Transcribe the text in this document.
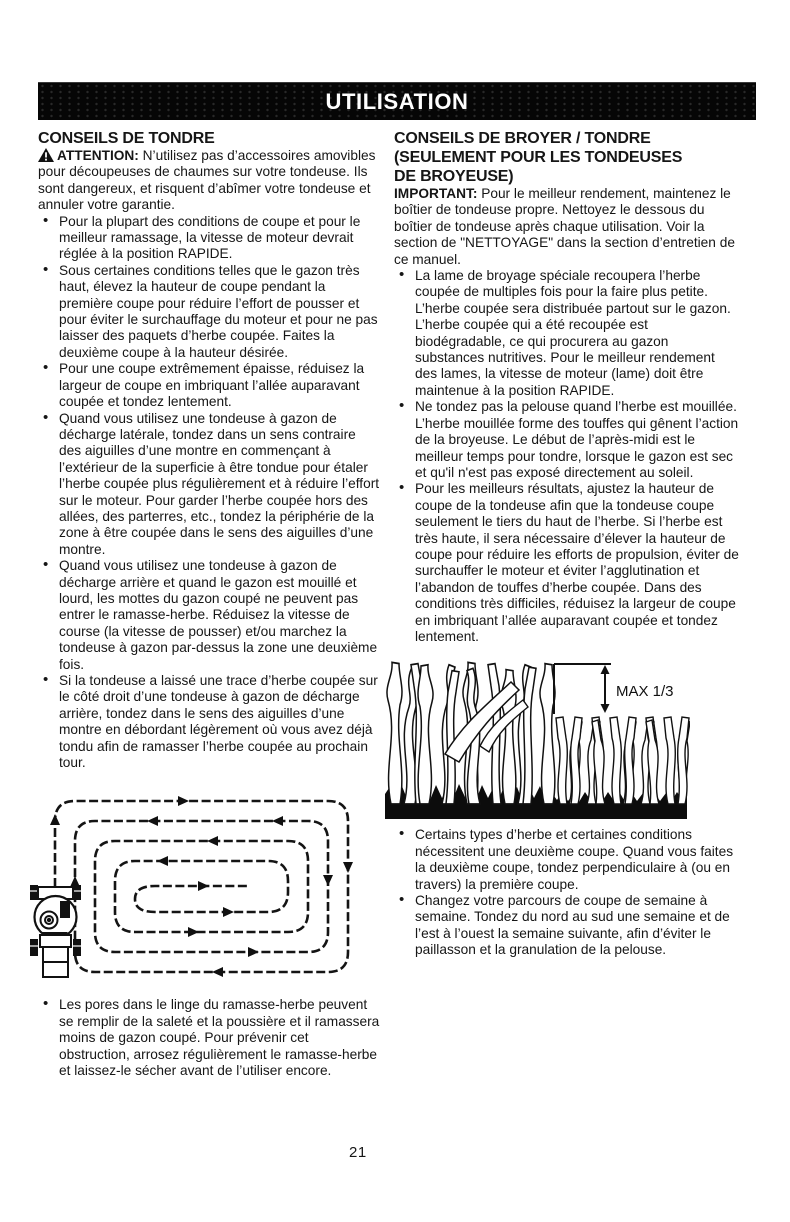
UTILISATION
CONSEILS DE TONDRE

ATTENTION: N’utilisez pas d’accessoires amovibles pour découpeuses de chaumes sur votre tondeuse. Ils sont dangereux, et risquent d’abîmer votre tondeuse et annuler votre garantie.

• Pour la plupart des conditions de coupe et pour le meilleur ramassage, la vitesse de moteur devrait réglée à la position RAPIDE.
• Sous certaines conditions telles que le gazon très haut, élevez la hauteur de coupe pendant la première coupe pour réduire l’effort de pousser et pour éviter le surchauffage du moteur et pour ne pas laisser des paquets d’herbe coupée. Faites la deuxième coupe à la hauteur désirée.
• Pour une coupe extrêmement épaisse, réduisez la largeur de coupe en imbriquant l’allée auparavant coupée et tondez lentement.
• Quand vous utilisez une tondeuse à gazon de décharge latérale, tondez dans un sens contraire des aiguilles d’une montre en commençant à l’extérieur de la superficie à être tondue pour étaler l’herbe coupée plus régulièrement et à réduire l’effort sur le moteur. Pour garder l’herbe coupée hors des allées, des parterres, etc., tondez la périphérie de la zone à être coupée dans le sens des aiguilles d’une montre.
• Quand vous utilisez une tondeuse à gazon de décharge arrière et quand le gazon est mouillé et lourd, les mottes du gazon coupé ne peuvent pas entrer le ramasse-herbe. Réduisez la vitesse de course (la vitesse de pousser) et/ou marchez la tondeuse à gazon par-dessus la zone une deuxième fois.
• Si la tondeuse a laissé une trace d’herbe coupée sur le côté droit d’une tondeuse à gazon de décharge arrière, tondez dans le sens des aiguilles d’une montre en débordant légèrement où vous avez déjà tondu afin de ramasser l’herbe coupée au prochain tour.
• Les pores dans le linge du ramasse-herbe peuvent se remplir de la saleté et la poussière et il ramassera moins de gazon coupé. Pour prévenir cet obstruction, arrosez régulièrement le ramasse-herbe et laissez-le sécher avant de l’utiliser encore.
CONSEILS DE BROYER / TONDRE
(SEULEMENT POUR LES TONDEUSES
DE BROYEUSE)

IMPORTANT: Pour le meilleur rendement, maintenez le boîtier de tondeuse propre. Nettoyez le dessous du boîtier de tondeuse après chaque utilisation. Voir la section de "NETTOYAGE" dans la section d’entretien de ce manuel.

• La lame de broyage spéciale recoupera l’herbe coupée de multiples fois pour la faire plus petite. L’herbe coupée sera distribuée partout sur le gazon. L’herbe coupée qui a été recoupée est biodégradable, ce qui procurera au gazon substances nutritives. Pour le meilleur rendement des lames, la vitesse de moteur (lame) doit être maintenue à la position RAPIDE.
• Ne tondez pas la pelouse quand l’herbe est mouillée. L’herbe mouillée forme des touffes qui gênent l’action de la broyeuse. Le début de l’après-midi est le meilleur temps pour tondre, lorsque le gazon est sec et qu'il n'est pas exposé directement au soleil.
• Pour les meilleurs résultats, ajustez la hauteur de coupe de la tondeuse afin que la tondeuse coupe seulement le tiers du haut de l’herbe. Si l’herbe est très haute, il sera nécessaire d’élever la hauteur de coupe pour réduire les efforts de propulsion, éviter de surchauffer le moteur et éviter l’agglutination et l’abandon de touffes d’herbe coupée. Dans des conditions très difficiles, réduisez la largeur de coupe en imbriquant l’allée auparavant coupée et tondez lentement.
MAX 1/3
• Certains types d’herbe et certaines conditions nécessitent une deuxième coupe. Quand vous faites la deuxième coupe, tondez perpendiculaire à (ou en travers) la première coupe.
• Changez votre parcours de coupe de semaine à semaine. Tondez du nord au sud une semaine et de l’est à l’ouest la semaine suivante, afin d’éviter le paillasson et la granulation de la pelouse.
21
